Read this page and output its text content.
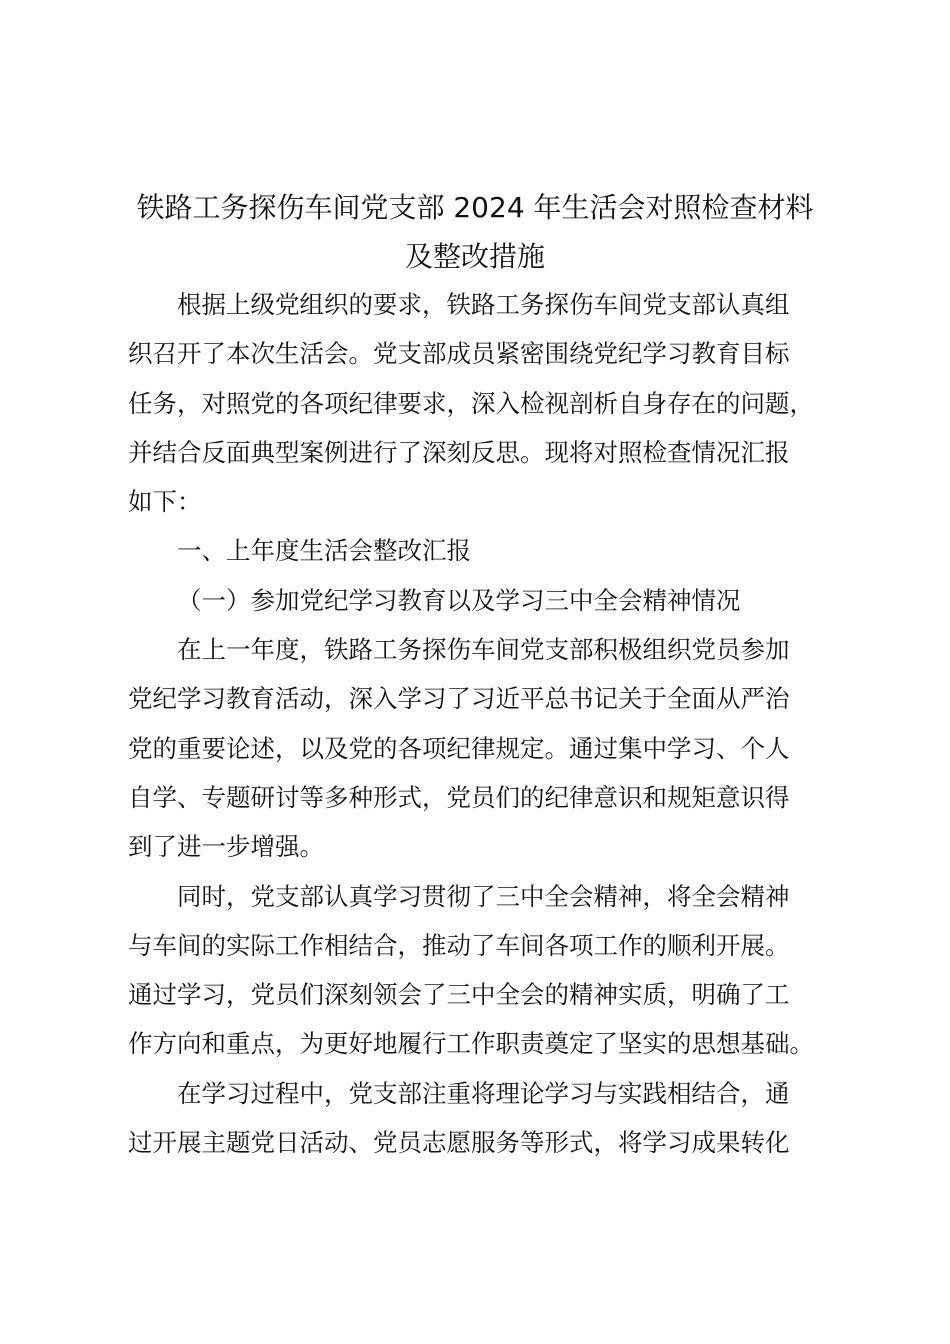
铁路工务探伤车间党支部 2024 年生活会对照检查材料
及整改措施
根据上级党组织的要求，铁路工务探伤车间党支部认真组
织召开了本次生活会。党支部成员紧密围绕党纪学习教育目标
任务，对照党的各项纪律要求，深入检视剖析自身存在的问题，
并结合反面典型案例进行了深刻反思。现将对照检查情况汇报
如下：
一、上年度生活会整改汇报
（一）参加党纪学习教育以及学习三中全会精神情况
在上一年度，铁路工务探伤车间党支部积极组织党员参加
党纪学习教育活动，深入学习了习近平总书记关于全面从严治
党的重要论述，以及党的各项纪律规定。通过集中学习、个人
自学、专题研讨等多种形式，党员们的纪律意识和规矩意识得
到了进一步增强。
同时，党支部认真学习贯彻了三中全会精神，将全会精神
与车间的实际工作相结合，推动了车间各项工作的顺利开展。
通过学习，党员们深刻领会了三中全会的精神实质，明确了工
作方向和重点，为更好地履行工作职责奠定了坚实的思想基础。
在学习过程中，党支部注重将理论学习与实践相结合，通
过开展主题党日活动、党员志愿服务等形式，将学习成果转化
